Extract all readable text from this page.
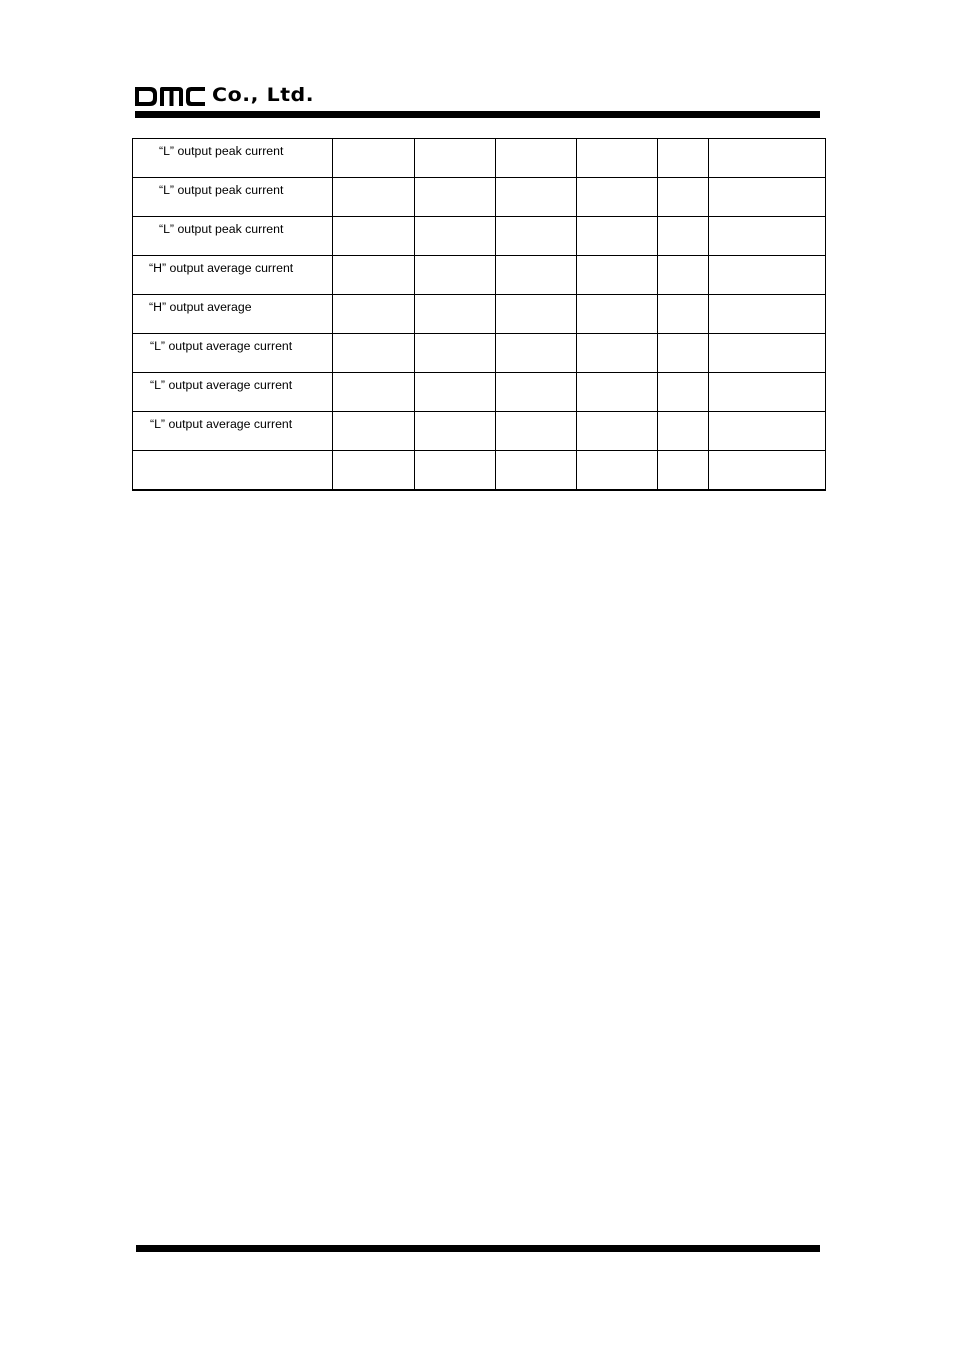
Co., Ltd.
“L” output peak current						

“L” output peak current						

“L” output peak current						

“H” output average current						

“H” output average						

“L” output average current						

“L” output average current						

“L” output average current						
